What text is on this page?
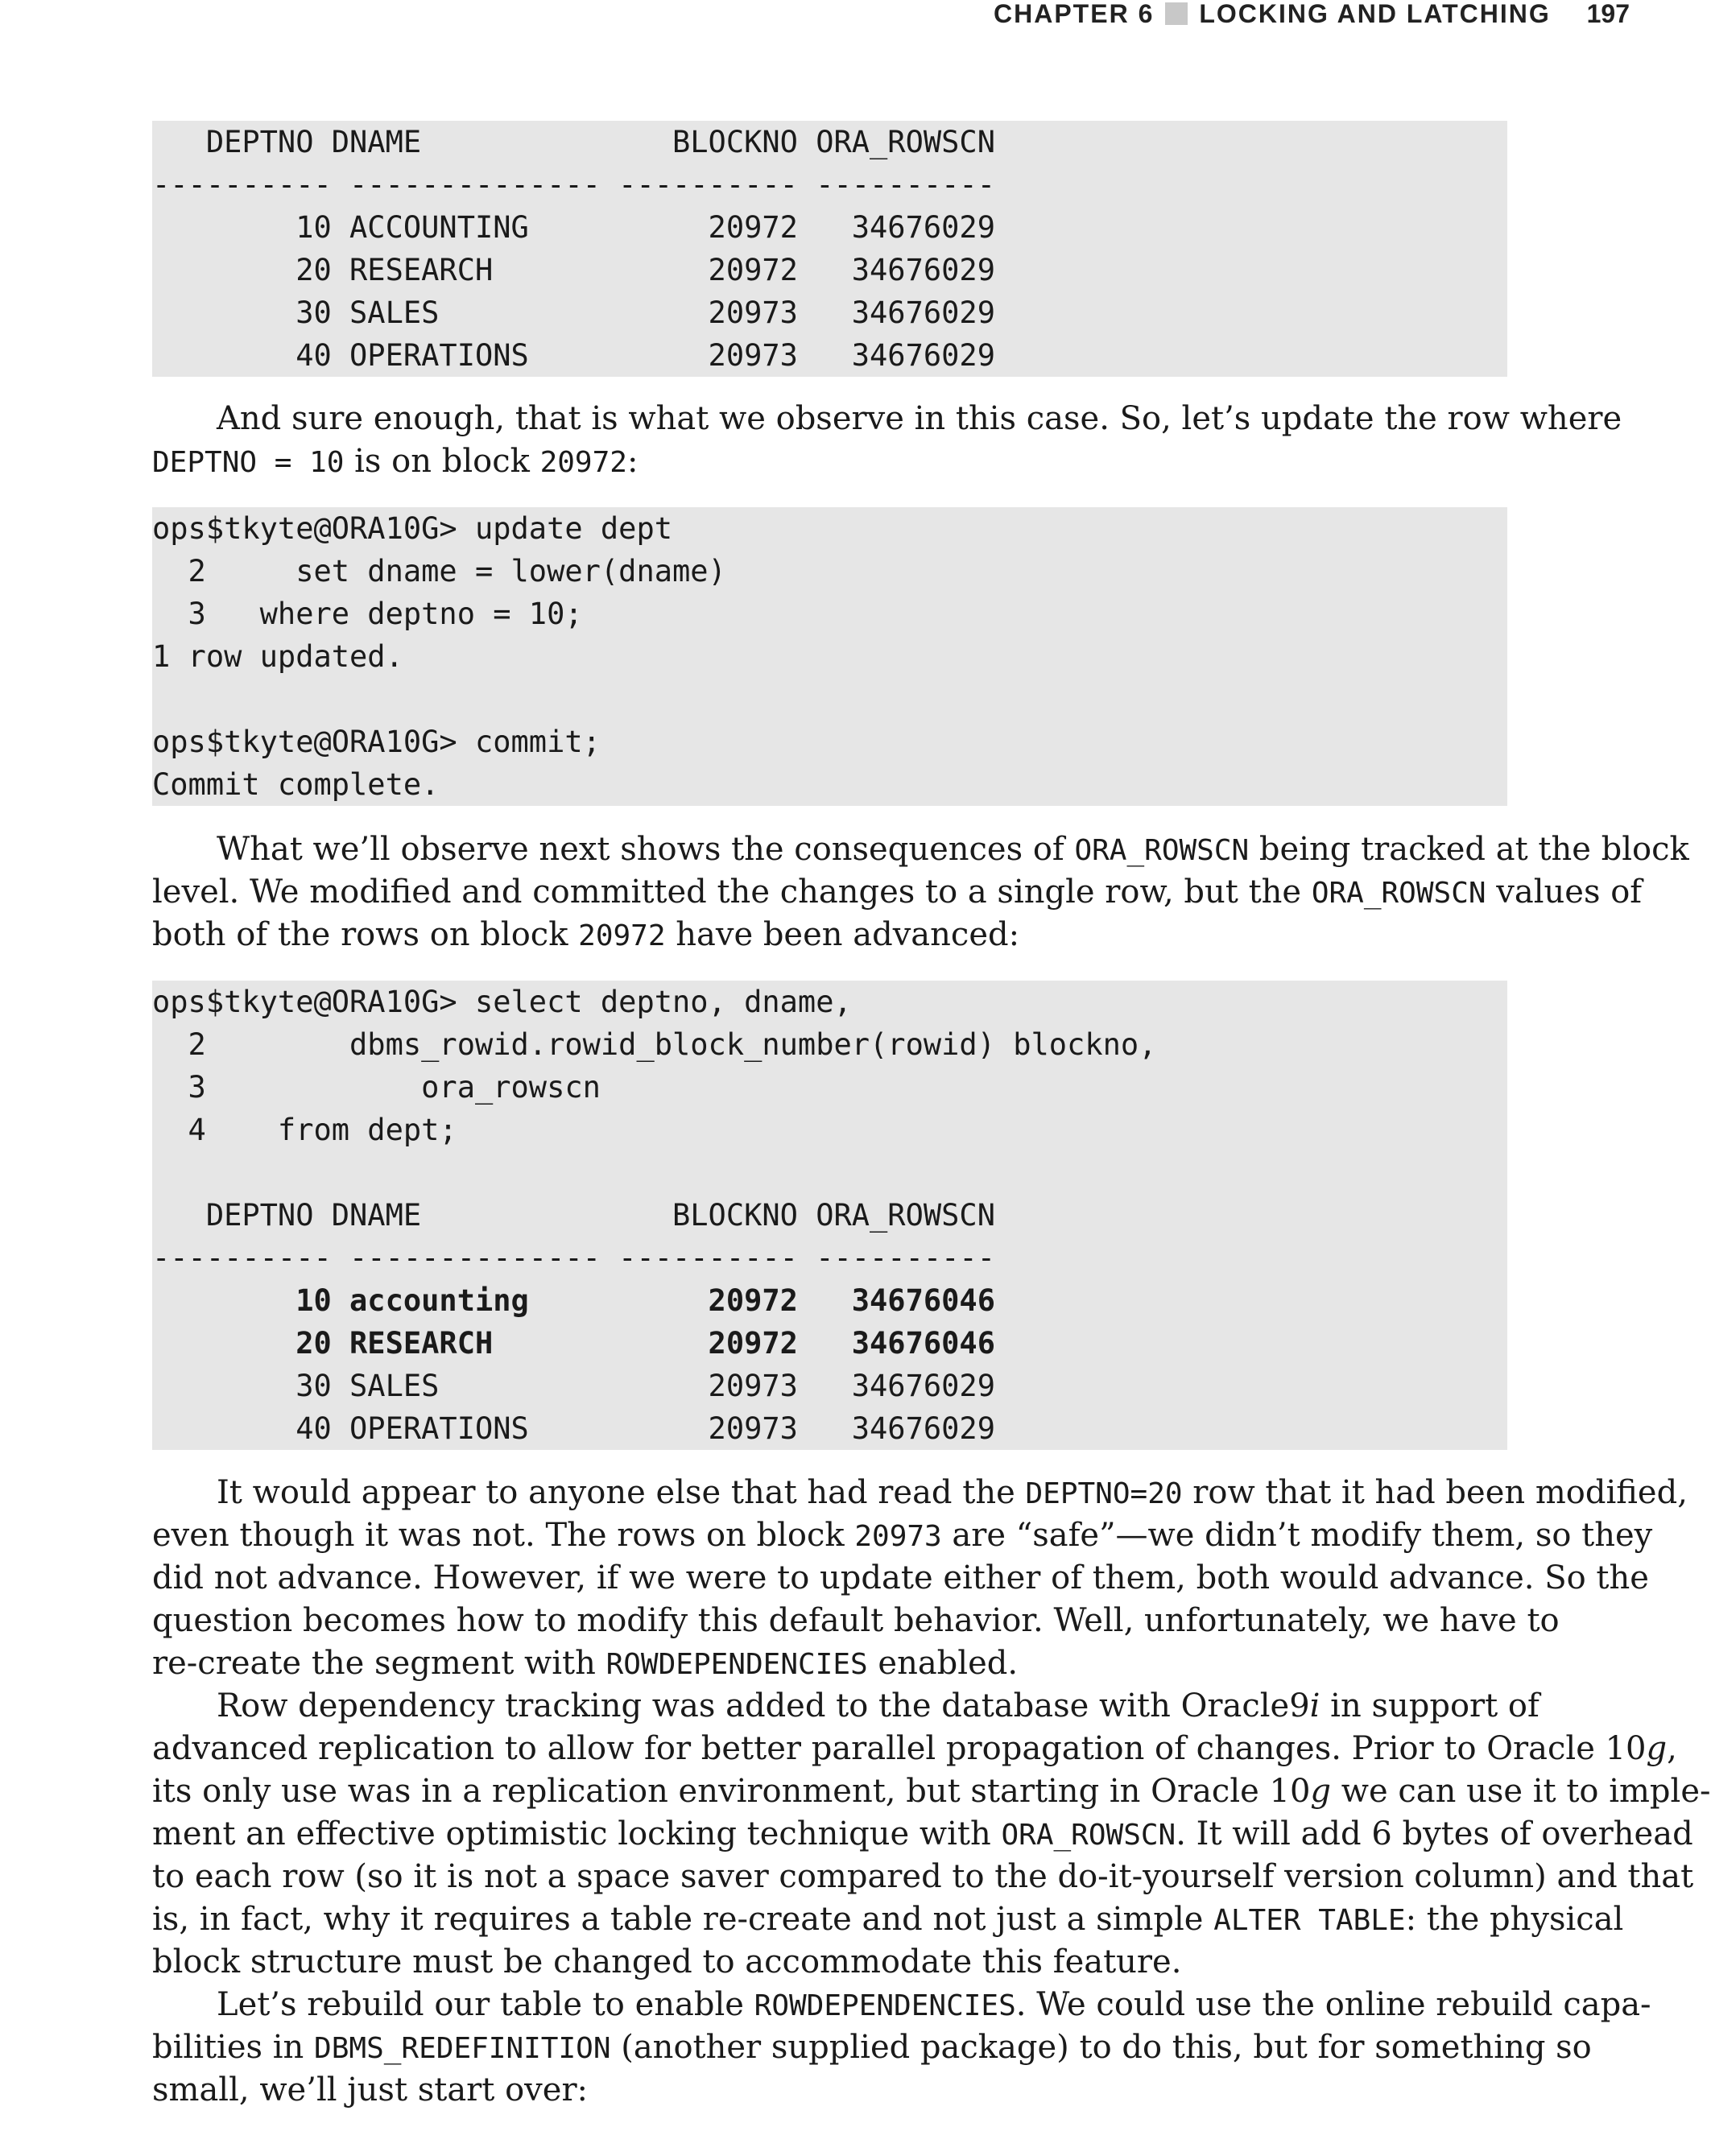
CHAPTER 6 LOCKING AND LATCHING 197
DEPTNO DNAME              BLOCKNO ORA_ROWSCN
---------- -------------- ---------- ----------
10 ACCOUNTING          20972   34676029
20 RESEARCH            20972   34676029
30 SALES               20973   34676029
40 OPERATIONS          20973   34676029
And sure enough, that is what we observe in this case. So, let’s update the row where
DEPTNO = 10 is on block 20972:
ops$tkyte@ORA10G> update dept
2     set dname = lower(dname)
3   where deptno = 10;
1 row updated.
ops$tkyte@ORA10G> commit;
Commit complete.
What we’ll observe next shows the consequences of ORA_ROWSCN being tracked at the block
level. We modified and committed the changes to a single row, but the ORA_ROWSCN values of
both of the rows on block 20972 have been advanced:
ops$tkyte@ORA10G> select deptno, dname,
2        dbms_rowid.rowid_block_number(rowid) blockno,
3            ora_rowscn
4    from dept;
DEPTNO DNAME              BLOCKNO ORA_ROWSCN
---------- -------------- ---------- ----------
10 accounting          20972   34676046
20 RESEARCH            20972   34676046
30 SALES               20973   34676029
40 OPERATIONS          20973   34676029
It would appear to anyone else that had read the DEPTNO=20 row that it had been modified,
even though it was not. The rows on block 20973 are “safe”—we didn’t modify them, so they
did not advance. However, if we were to update either of them, both would advance. So the
question becomes how to modify this default behavior. Well, unfortunately, we have to
re-create the segment with ROWDEPENDENCIES enabled.
Row dependency tracking was added to the database with Oracle9i in support of
advanced replication to allow for better parallel propagation of changes. Prior to Oracle 10g,
its only use was in a replication environment, but starting in Oracle 10g we can use it to imple-
ment an effective optimistic locking technique with ORA_ROWSCN. It will add 6 bytes of overhead
to each row (so it is not a space saver compared to the do-it-yourself version column) and that
is, in fact, why it requires a table re-create and not just a simple ALTER TABLE: the physical
block structure must be changed to accommodate this feature.
Let’s rebuild our table to enable ROWDEPENDENCIES. We could use the online rebuild capa-
bilities in DBMS_REDEFINITION (another supplied package) to do this, but for something so
small, we’ll just start over:
